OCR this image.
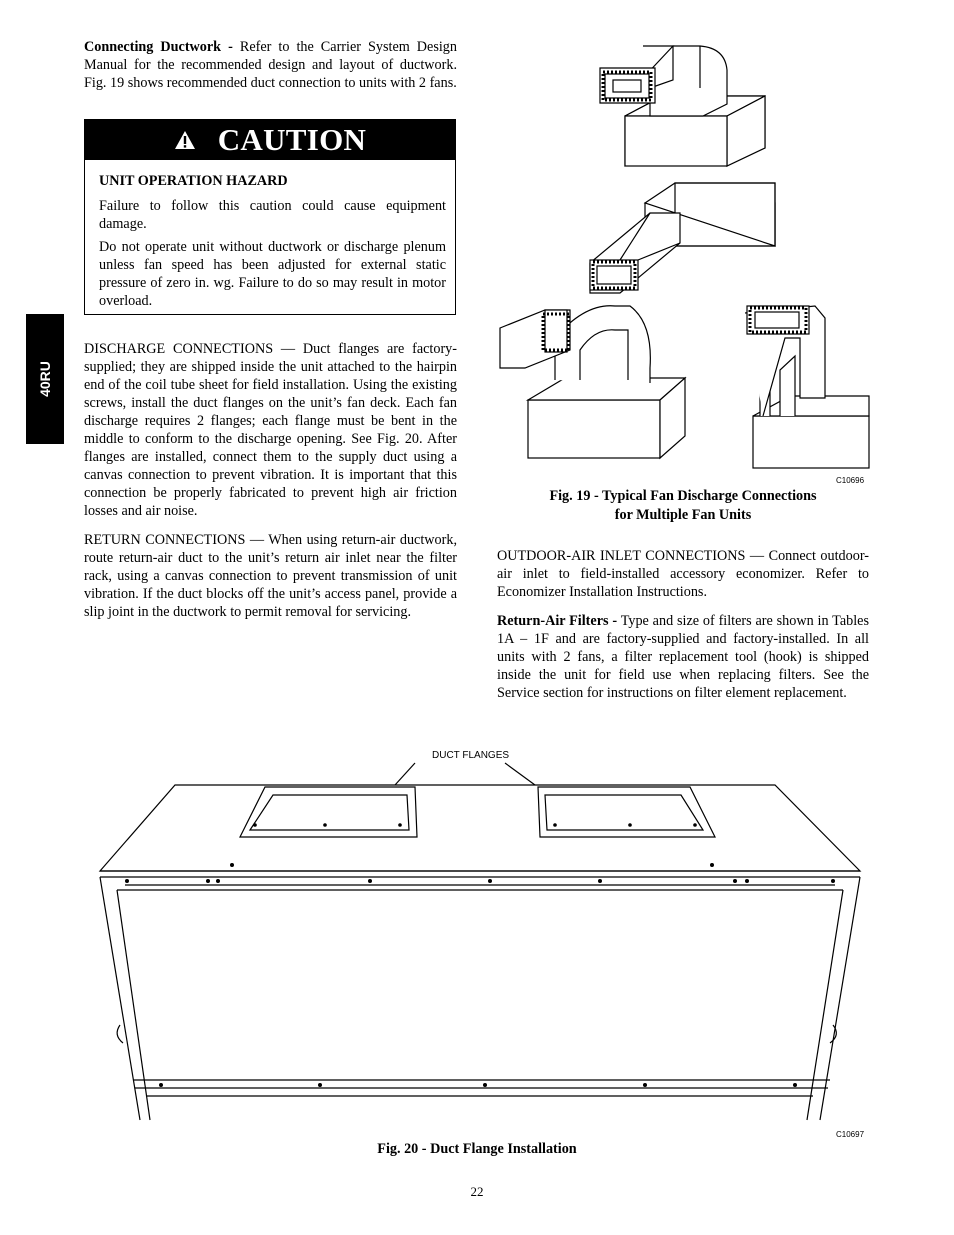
40RU

Connecting Ductwork - Refer to the Carrier System Design Manual for the recommended design and layout of ductwork. Fig. 19 shows recommended duct connection to units with 2 fans.

CAUTION

UNIT OPERATION HAZARD

Failure to follow this caution could cause equipment damage.

Do not operate unit without ductwork or discharge plenum unless fan speed has been adjusted for external static pressure of zero in. wg. Failure to do so may result in motor overload.

DISCHARGE CONNECTIONS — Duct flanges are factory-supplied; they are shipped inside the unit attached to the hairpin end of the coil tube sheet for field installation. Using the existing screws, install the duct flanges on the unit’s fan deck. Each fan discharge requires 2 flanges; each flange must be bent in the middle to conform to the discharge opening. See Fig. 20. After flanges are installed, connect them to the supply duct using a canvas connection to prevent vibration. It is important that this connection be properly fabricated to prevent high air friction losses and air noise.

RETURN CONNECTIONS — When using return-air ductwork, route return-air duct to the unit’s return air inlet near the filter rack, using a canvas connection to prevent transmission of unit vibration. If the duct blocks off the unit’s access panel, provide a slip joint in the ductwork to permit removal for servicing.

C10696
Fig. 19 - Typical Fan Discharge Connections
for Multiple Fan Units

OUTDOOR-AIR INLET CONNECTIONS — Connect outdoor-air inlet to field-installed accessory economizer. Refer to Economizer Installation Instructions.

Return-Air Filters - Type and size of filters are shown in Tables 1A – 1F and are factory-supplied and factory-installed. In all units with 2 fans, a filter replacement tool (hook) is shipped inside the unit for field use when replacing filters. See the Service section for instructions on filter element replacement.

DUCT FLANGES
C10697
Fig. 20 - Duct Flange Installation
22
